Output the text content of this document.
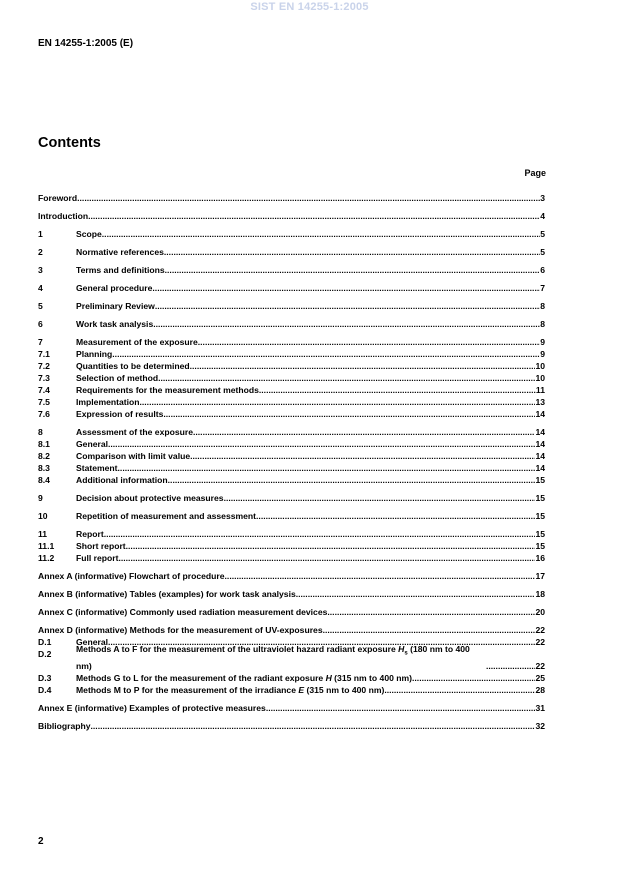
SIST EN 14255-1:2005
EN 14255-1:2005 (E)
Contents
Page
Foreword .....	3
Introduction .....	4
1	Scope .....	5
2	Normative references .....	5
3	Terms and definitions .....	6
4	General procedure .....	7
5	Preliminary Review .....	8
6	Work task analysis .....	8
7	Measurement of the exposure .....	9
7.1	Planning .....	9
7.2	Quantities to be determined .....	10
7.3	Selection of method .....	10
7.4	Requirements for the measurement methods .....	11
7.5	Implementation .....	13
7.6	Expression of results .....	14
8	Assessment of the exposure .....	14
8.1	General .....	14
8.2	Comparison with limit value .....	14
8.3	Statement .....	14
8.4	Additional information .....	15
9	Decision about protective measures .....	15
10	Repetition of measurement and assessment .....	15
11	Report .....	15
11.1	Short report .....	15
11.2	Full report .....	16
Annex A (informative) Flowchart of procedure .....	17
Annex B (informative) Tables (examples) for work task analysis .....	18
Annex C (informative) Commonly used radiation measurement devices .....	20
Annex D (informative) Methods for the measurement of UV-exposures .....	22
D.1	General .....	22
D.2	Methods A to F for the measurement of the ultraviolet hazard radiant exposure $H_s$ (180 nm to 400 nm) .....	22
D.3	Methods G to L for the measurement of the radiant exposure H (315 nm to 400 nm) .....	25
D.4	Methods M to P for the measurement of the irradiance E (315 nm to 400 nm) .....	28
Annex E (informative) Examples of protective measures .....	31
Bibliography .....	32
2
